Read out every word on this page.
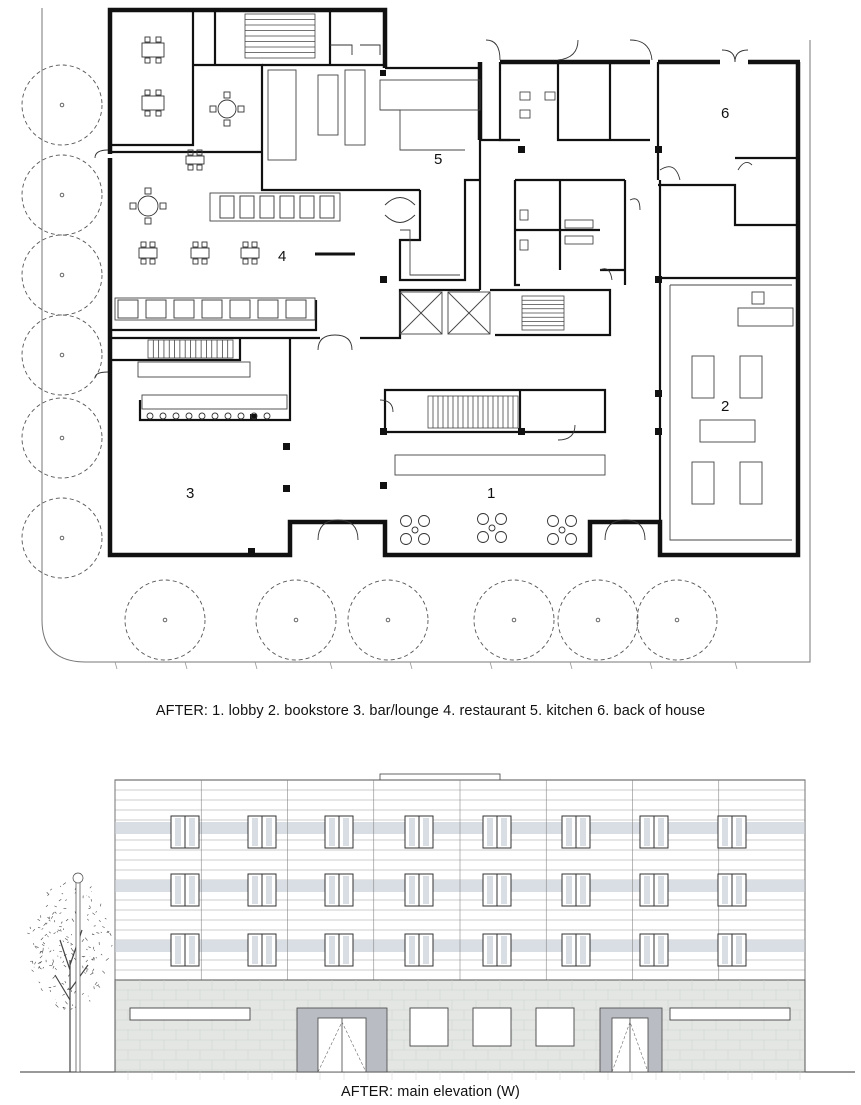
1
2
3
4
5
6
AFTER: 1. lobby 2. bookstore 3. bar/lounge 4. restaurant 5. kitchen 6. back of house
AFTER: main elevation (W)
